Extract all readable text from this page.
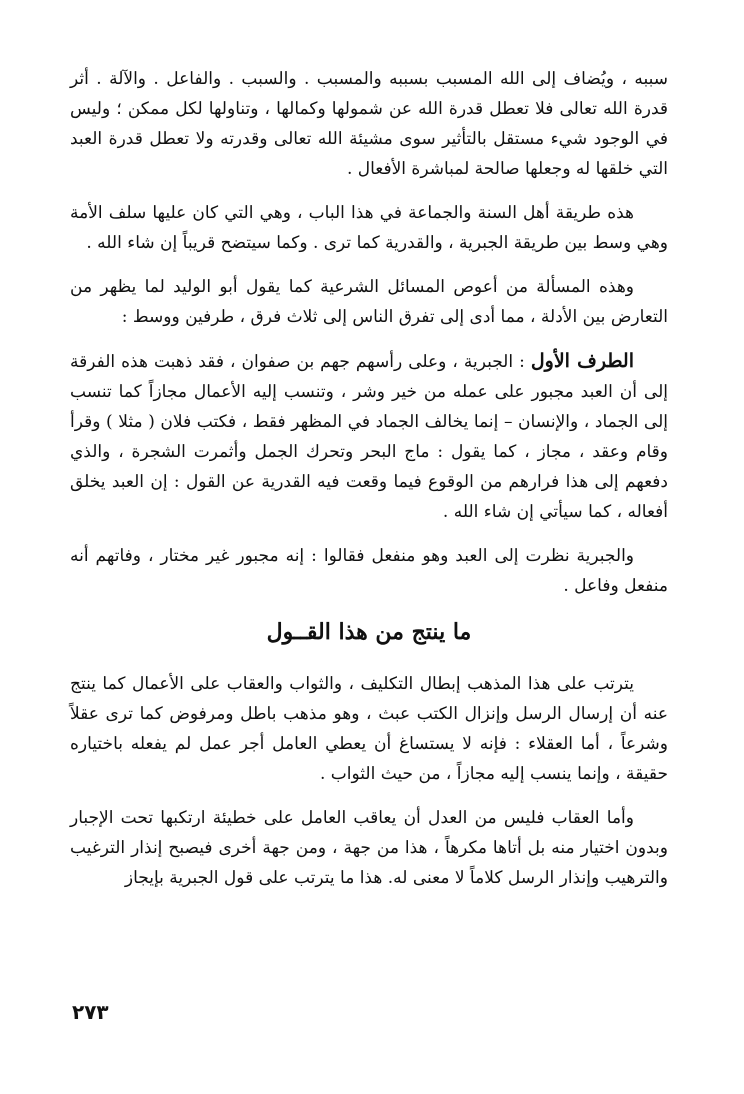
سببه ، ويُضاف إلى الله المسبب بسببه والمسبب . والسبب . والفاعل . والآلة . أثر قدرة الله تعالى فلا تعطل قدرة الله عن شمولها وكمالها ، وتناولها لكل ممكن ؛ وليس في الوجود شيء مستقل بالتأثير سوى مشيئة الله تعالى وقدرته ولا تعطل قدرة العبد التي خلقها له وجعلها صالحة لمباشرة الأفعال .

هذه طريقة أهل السنة والجماعة في هذا الباب ، وهي التي كان عليها سلف الأمة وهي وسط بين طريقة الجبرية ، والقدرية كما ترى . وكما سيتضح قريباً إن شاء الله .

وهذه المسألة من أعوص المسائل الشرعية كما يقول أبو الوليد لما يظهر من التعارض بين الأدلة ، مما أدى إلى تفرق الناس إلى ثلاث فرق ، طرفين ووسط :

الطرف الأول : الجبرية ، وعلى رأسهم جهم بن صفوان ، فقد ذهبت هذه الفرقة إلى أن العبد مجبور على عمله من خير وشر ، وتنسب إليه الأعمال مجازاً كما تنسب إلى الجماد ، والإنسان – إنما يخالف الجماد في المظهر فقط ، فكتب فلان ( مثلا ) وقرأ وقام وعقد ، مجاز ، كما يقول : ماج البحر وتحرك الجمل وأثمرت الشجرة ، والذي دفعهم إلى هذا فرارهم من الوقوع فيما وقعت فيه القدرية عن القول : إن العبد يخلق أفعاله ، كما سيأتي إن شاء الله .

والجبرية نظرت إلى العبد وهو منفعل فقالوا : إنه مجبور غير مختار ، وفاتهم أنه منفعل وفاعل .

ما ينتج من هذا القــول

يترتب على هذا المذهب إبطال التكليف ، والثواب والعقاب على الأعمال كما ينتج عنه أن إرسال الرسل وإنزال الكتب عبث ، وهو مذهب باطل ومرفوض كما ترى عقلاً وشرعاً ، أما العقلاء : فإنه لا يستساغ أن يعطي العامل أجر عمل لم يفعله باختياره حقيقة ، وإنما ينسب إليه مجازاً ، من حيث الثواب .

وأما العقاب فليس من العدل أن يعاقب العامل على خطيئة ارتكبها تحت الإجبار وبدون اختيار منه بل أتاها مكرهاً ، هذا من جهة ، ومن جهة أخرى فيصبح إنذار الترغيب والترهيب وإنذار الرسل كلاماً لا معنى له. هذا ما يترتب على قول الجبرية بإيجاز

٢٧٣
